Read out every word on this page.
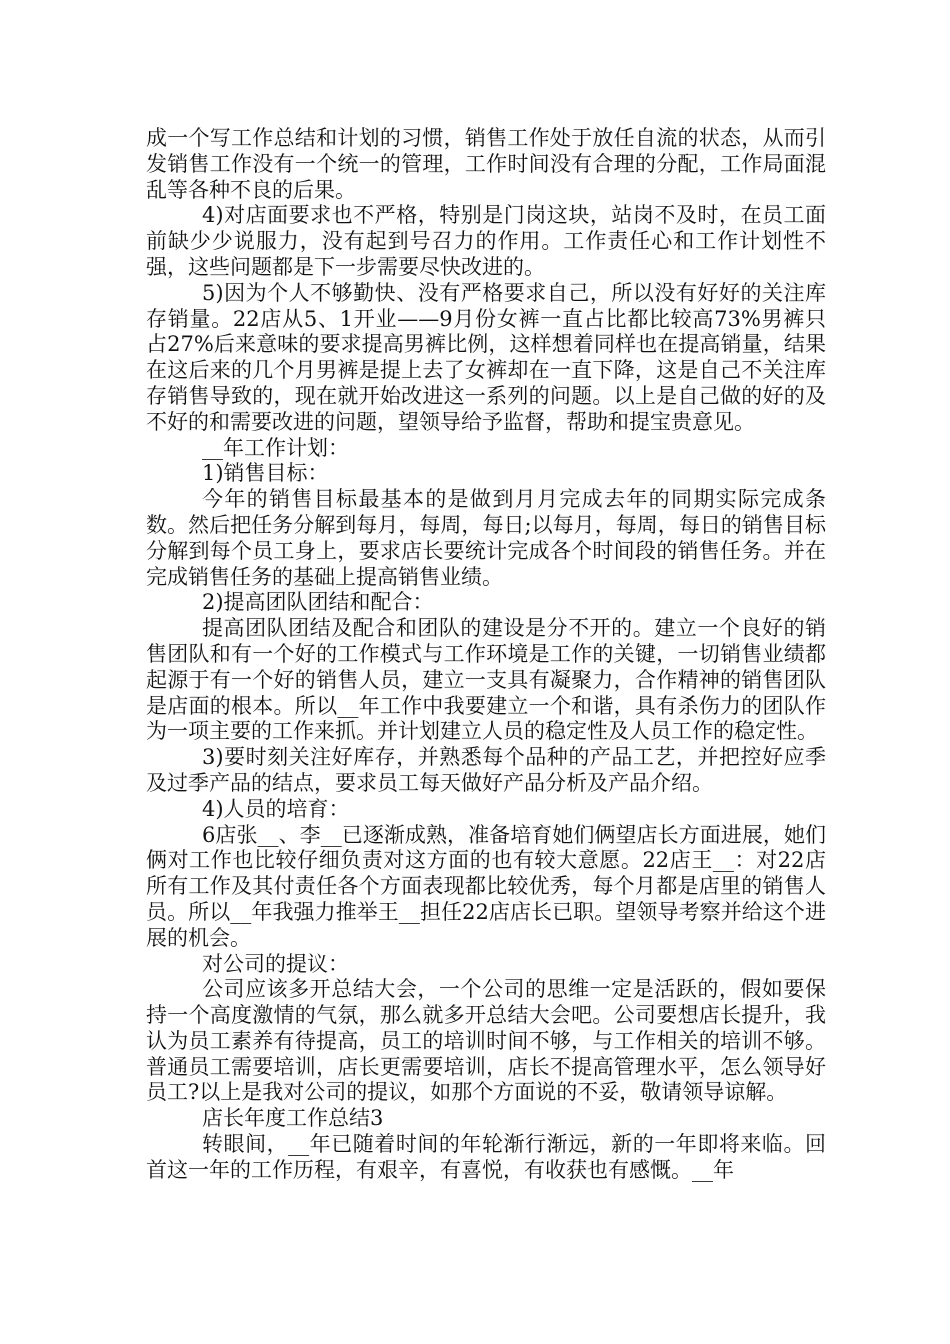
成一个写工作总结和计划的习惯，销售工作处于放任自流的状态，从而引发销售工作没有一个统一的管理，工作时间没有合理的分配，工作局面混乱等各种不良的后果。

4)对店面要求也不严格，特别是门岗这块，站岗不及时，在员工面前缺少少说服力，没有起到号召力的作用。工作责任心和工作计划性不强，这些问题都是下一步需要尽快改进的。

5)因为个人不够勤快、没有严格要求自己，所以没有好好的关注库存销量。22店从5、1开业——9月份女裤一直占比都比较高73%男裤只占27%后来意味的要求提高男裤比例，这样想着同样也在提高销量，结果在这后来的几个月男裤是提上去了女裤却在一直下降，这是自己不关注库存销售导致的，现在就开始改进这一系列的问题。以上是自己做的好的及不好的和需要改进的问题，望领导给予监督，帮助和提宝贵意见。

__年工作计划：

1)销售目标：

今年的销售目标最基本的是做到月月完成去年的同期实际完成条数。然后把任务分解到每月，每周，每日;以每月，每周，每日的销售目标分解到每个员工身上，要求店长要统计完成各个时间段的销售任务。并在完成销售任务的基础上提高销售业绩。

2)提高团队团结和配合：

提高团队团结及配合和团队的建设是分不开的。建立一个良好的销售团队和有一个好的工作模式与工作环境是工作的关键，一切销售业绩都起源于有一个好的销售人员，建立一支具有凝聚力，合作精神的销售团队是店面的根本。所以__年工作中我要建立一个和谐，具有杀伤力的团队作为一项主要的工作来抓。并计划建立人员的稳定性及人员工作的稳定性。

3)要时刻关注好库存，并熟悉每个品种的产品工艺，并把控好应季及过季产品的结点，要求员工每天做好产品分析及产品介绍。

4)人员的培育：

6店张__、李__已逐渐成熟，准备培育她们俩望店长方面进展，她们俩对工作也比较仔细负责对这方面的也有较大意愿。22店王__：对22店所有工作及其付责任各个方面表现都比较优秀，每个月都是店里的销售人员。所以__年我强力推举王__担任22店店长已职。望领导考察并给这个进展的机会。

对公司的提议：

公司应该多开总结大会，一个公司的思维一定是活跃的，假如要保持一个高度激情的气氛，那么就多开总结大会吧。公司要想店长提升，我认为员工素养有待提高，员工的培训时间不够，与工作相关的培训不够。普通员工需要培训，店长更需要培训，店长不提高管理水平，怎么领导好员工?以上是我对公司的提议，如那个方面说的不妥，敬请领导谅解。

店长年度工作总结3

转眼间，__年已随着时间的年轮渐行渐远，新的一年即将来临。回首这一年的工作历程，有艰辛，有喜悦，有收获也有感慨。__年
